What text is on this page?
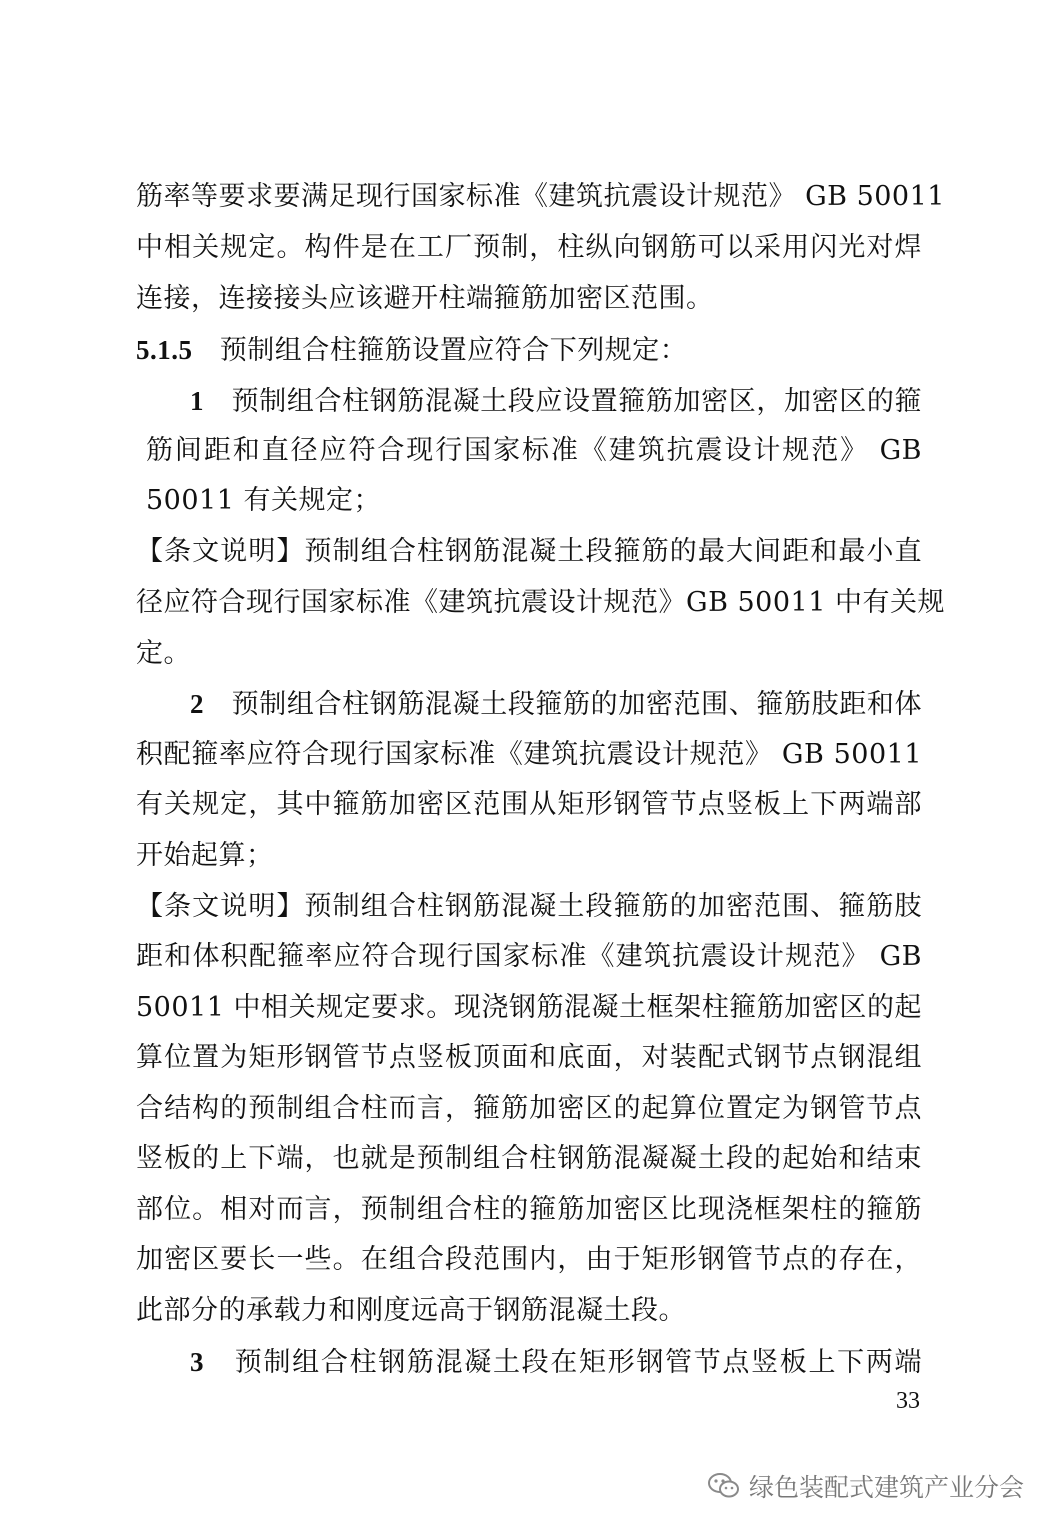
筋率等要求要满足现行国家标准《建筑抗震设计规范》 GB 50011
中相关规定。构件是在工厂预制，柱纵向钢筋可以采用闪光对焊
连接，连接接头应该避开柱端箍筋加密区范围。
5.1.5 预制组合柱箍筋设置应符合下列规定：
1 预制组合柱钢筋混凝土段应设置箍筋加密区，加密区的箍
筋间距和直径应符合现行国家标准《建筑抗震设计规范》 GB
50011 有关规定；
【条文说明】预制组合柱钢筋混凝土段箍筋的最大间距和最小直
径应符合现行国家标准《建筑抗震设计规范》GB 50011 中有关规
定。
2 预制组合柱钢筋混凝土段箍筋的加密范围、箍筋肢距和体
积配箍率应符合现行国家标准《建筑抗震设计规范》 GB 50011
有关规定，其中箍筋加密区范围从矩形钢管节点竖板上下两端部
开始起算；
【条文说明】预制组合柱钢筋混凝土段箍筋的加密范围、箍筋肢
距和体积配箍率应符合现行国家标准《建筑抗震设计规范》 GB
50011 中相关规定要求。现浇钢筋混凝土框架柱箍筋加密区的起
算位置为矩形钢管节点竖板顶面和底面，对装配式钢节点钢混组
合结构的预制组合柱而言，箍筋加密区的起算位置定为钢管节点
竖板的上下端，也就是预制组合柱钢筋混凝凝土段的起始和结束
部位。相对而言，预制组合柱的箍筋加密区比现浇框架柱的箍筋
加密区要长一些。在组合段范围内，由于矩形钢管节点的存在，
此部分的承载力和刚度远高于钢筋混凝土段。
3 预制组合柱钢筋混凝土段在矩形钢管节点竖板上下两端
33
绿色装配式建筑产业分会
